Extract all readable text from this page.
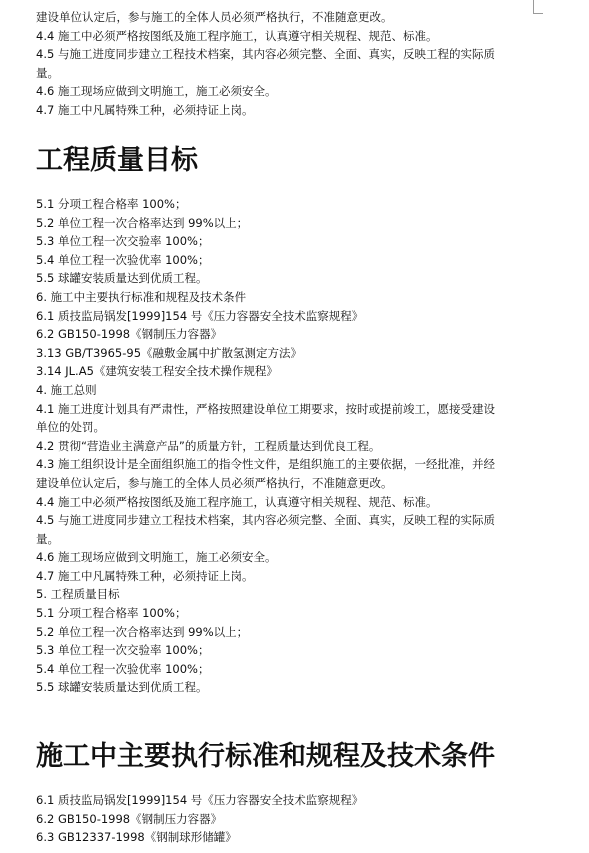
建设单位认定后，参与施工的全体人员必须严格执行，不准随意更改。

4.4 施工中必须严格按图纸及施工程序施工，认真遵守相关规程、规范、标准。

4.5 与施工进度同步建立工程技术档案，其内容必须完整、全面、真实，反映工程的实际质

量。

4.6 施工现场应做到文明施工，施工必须安全。

4.7 施工中凡属特殊工种，必须持证上岗。

工程质量目标

5.1 分项工程合格率 100%；

5.2 单位工程一次合格率达到 99%以上；

5.3 单位工程一次交验率 100%；

5.4 单位工程一次验优率 100%；

5.5 球罐安装质量达到优质工程。

6. 施工中主要执行标准和规程及技术条件

6.1 质技监局锅发[1999]154 号《压力容器安全技术监察规程》

6.2 GB150-1998《钢制压力容器》

3.13 GB/T3965-95《融敷金属中扩散氢测定方法》

3.14 JL.A5《建筑安装工程安全技术操作规程》

4. 施工总则

4.1 施工进度计划具有严肃性，严格按照建设单位工期要求，按时或提前竣工，愿接受建设

单位的处罚。

4.2 贯彻“营造业主满意产品”的质量方针，工程质量达到优良工程。

4.3 施工组织设计是全面组织施工的指令性文件，是组织施工的主要依据，一经批准，并经

建设单位认定后，参与施工的全体人员必须严格执行，不准随意更改。

4.4 施工中必须严格按图纸及施工程序施工，认真遵守相关规程、规范、标准。

4.5 与施工进度同步建立工程技术档案，其内容必须完整、全面、真实，反映工程的实际质

量。

4.6 施工现场应做到文明施工，施工必须安全。

4.7 施工中凡属特殊工种，必须持证上岗。

5. 工程质量目标

5.1 分项工程合格率 100%；

5.2 单位工程一次合格率达到 99%以上；

5.3 单位工程一次交验率 100%；

5.4 单位工程一次验优率 100%；

5.5 球罐安装质量达到优质工程。

施工中主要执行标准和规程及技术条件

6.1 质技监局锅发[1999]154 号《压力容器安全技术监察规程》

6.2 GB150-1998《钢制压力容器》

6.3 GB12337-1998《钢制球形储罐》
